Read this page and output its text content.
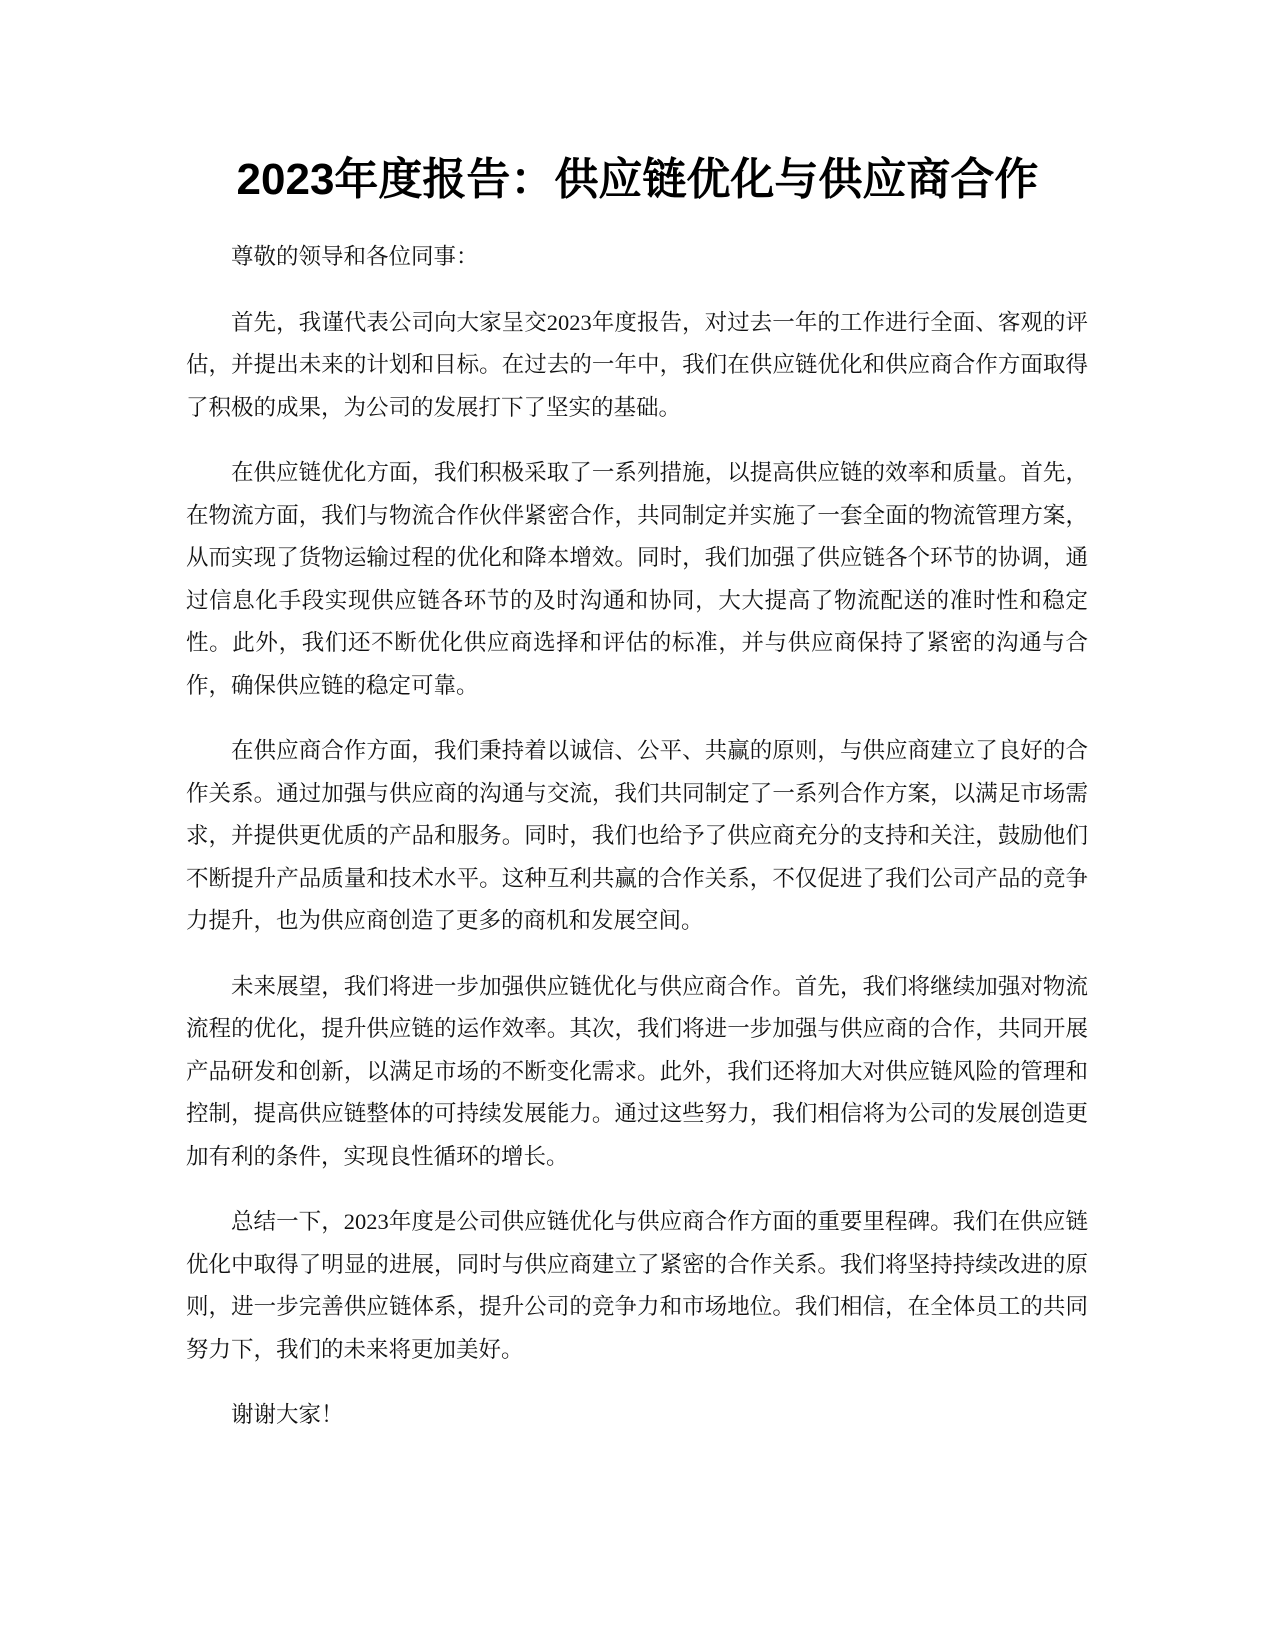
2023年度报告：供应链优化与供应商合作

尊敬的领导和各位同事：

首先，我谨代表公司向大家呈交2023年度报告，对过去一年的工作进行全面、客观的评估，并提出未来的计划和目标。在过去的一年中，我们在供应链优化和供应商合作方面取得了积极的成果，为公司的发展打下了坚实的基础。

在供应链优化方面，我们积极采取了一系列措施，以提高供应链的效率和质量。首先，在物流方面，我们与物流合作伙伴紧密合作，共同制定并实施了一套全面的物流管理方案，从而实现了货物运输过程的优化和降本增效。同时，我们加强了供应链各个环节的协调，通过信息化手段实现供应链各环节的及时沟通和协同，大大提高了物流配送的准时性和稳定性。此外，我们还不断优化供应商选择和评估的标准，并与供应商保持了紧密的沟通与合作，确保供应链的稳定可靠。

在供应商合作方面，我们秉持着以诚信、公平、共赢的原则，与供应商建立了良好的合作关系。通过加强与供应商的沟通与交流，我们共同制定了一系列合作方案，以满足市场需求，并提供更优质的产品和服务。同时，我们也给予了供应商充分的支持和关注，鼓励他们不断提升产品质量和技术水平。这种互利共赢的合作关系，不仅促进了我们公司产品的竞争力提升，也为供应商创造了更多的商机和发展空间。

未来展望，我们将进一步加强供应链优化与供应商合作。首先，我们将继续加强对物流流程的优化，提升供应链的运作效率。其次，我们将进一步加强与供应商的合作，共同开展产品研发和创新，以满足市场的不断变化需求。此外，我们还将加大对供应链风险的管理和控制，提高供应链整体的可持续发展能力。通过这些努力，我们相信将为公司的发展创造更加有利的条件，实现良性循环的增长。

总结一下，2023年度是公司供应链优化与供应商合作方面的重要里程碑。我们在供应链优化中取得了明显的进展，同时与供应商建立了紧密的合作关系。我们将坚持持续改进的原则，进一步完善供应链体系，提升公司的竞争力和市场地位。我们相信，在全体员工的共同努力下，我们的未来将更加美好。

谢谢大家！
